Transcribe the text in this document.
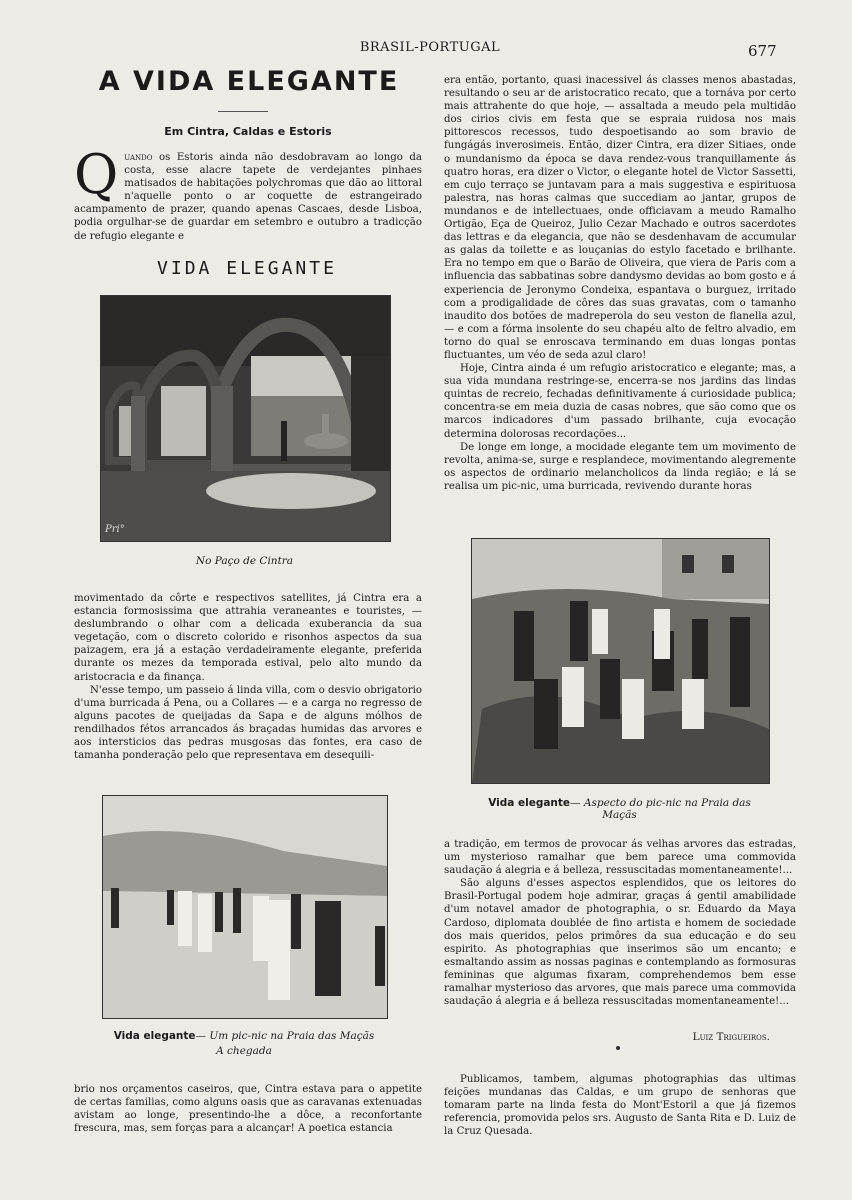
BRASIL-PORTUGAL	677
A VIDA ELEGANTE
Em Cintra, Caldas e Estoris
Q uando os Estoris ainda não desdobravam ao longo da costa, esse alacre tapete de verdejantes pinhaes matisados de habitações polychromas que dão ao littoral n'aquelle ponto o ar coquette de estrangeirado acampamento de prazer, quando apenas Cascaes, desde Lisboa, podia orgulhar-se de guardar em setembro e outubro a tradicção de refugio elegante e

VIDA ELEGANTE
Pri°
No Paço de Cintra

movimentado da côrte e respectivos satellites, já Cintra era a estancia formosissima que attrahia veraneantes e touristes, — deslumbrando o olhar com a delicada exuberancia da sua vegetação, com o discreto colorido e risonhos aspectos da sua paizagem, era já a estação verdadeiramente elegante, preferida durante os mezes da temporada estival, pelo alto mundo da aristocracia e da finança.

N'esse tempo, um passeio á linda villa, com o desvio obrigatorio d'uma burricada á Pena, ou a Collares — e a carga no regresso de alguns pacotes de queijadas da Sapa e de alguns mólhos de rendilhados fétos arrancados ás braçadas humidas das arvores e aos intersticios das pedras musgosas das fontes, era caso de tamanha ponderação pelo que representava em desequili-

Vida elegante— Um pic-nic na Praia das Maçãs
A chegada

brio nos orçamentos caseiros, que, Cintra estava para o appetite de certas familias, como alguns oasis que as caravanas extenuadas avistam ao longe, presentindo-lhe a dôce, a reconfortante frescura, mas, sem forças para a alcançar! A poetica estancia

era então, portanto, quasi inacessivel ás classes menos abastadas, resultando o seu ar de aristocratico recato, que a tornáva por certo mais attrahente do que hoje, — assaltada a meudo pela multidão dos cirios civis em festa que se espraia ruidosa nos mais pittorescos recessos, tudo despoetisando ao som bravio de fungágás inverosimeis. Então, dizer Cintra, era dizer Sitiaes, onde o mundanismo da época se dava rendez-vous tranquillamente ás quatro horas, era dizer o Victor, o elegante hotel de Victor Sassetti, em cujo terraço se juntavam para a mais suggestiva e espirituosa palestra, nas horas calmas que succediam ao jantar, grupos de mundanos e de intellectuaes, onde officiavam a meudo Ramalho Ortigão, Eça de Queiroz, Julio Cezar Machado e outros sacerdotes das lettras e da elegancia, que não se desdenhavam de accumular as galas da toilette e as louçanias do estylo facetado e brilhante. Era no tempo em que o Barão de Oliveira, que viera de Paris com a influencia das sabbatinas sobre dandysmo devidas ao bom gosto e á experiencia de Jeronymo Condeixa, espantava o burguez, irritado com a prodigalidade de côres das suas gravatas, com o tamanho inaudito dos botões de madreperola do seu veston de flanella azul, — e com a fórma insolente do seu chapéu alto de feltro alvadio, em torno do qual se enroscava terminando em duas longas pontas fluctuantes, um véo de seda azul claro!

Hoje, Cintra ainda é um refugio aristocratico e elegante; mas, a sua vida mundana restringe-se, encerra-se nos jardins das lindas quintas de recreio, fechadas definitivamente á curiosidade publica; concentra-se em meia duzia de casas nobres, que são como que os marcos indicadores d'um passado brilhante, cuja evocação determina dolorosas recordações...

De longe em longe, a mocidade elegante tem um movimento de revolta, anima-se, surge e resplandece, movimentando alegremente os aspectos de ordinario melancholicos da linda região; e lá se realisa um pic-nic, uma burricada, revivendo durante horas

Vida elegante— Aspecto do pic-nic na Praia das Maçãs

a tradição, em termos de provocar ás velhas arvores das estradas, um mysterioso ramalhar que bem parece uma commovida saudação á alegria e á belleza, ressuscitadas momentaneamente!...

São alguns d'esses aspectos esplendidos, que os leitores do Brasil-Portugal podem hoje admirar, graças á gentil amabilidade d'um notavel amador de photographia, o sr. Eduardo da Maya Cardoso, diplomata doublée de fino artista e homem de sociedade dos mais queridos, pelos primôres da sua educação e do seu espirito. As photographias que inserimos são um encanto; e esmaltando assim as nossas paginas e contemplando as formosuras femininas que algumas fixaram, comprehendemos bem esse ramalhar mysterioso das arvores, que mais parece uma commovida saudação á alegria e á belleza ressuscitadas momentaneamente!...

Luiz Trigueiros.

Publicamos, tambem, algumas photographias das ultimas feições mundanas das Caldas, e um grupo de senhoras que tomaram parte na linda festa do Mont'Estoril a que já fizemos referencia, promovida pelos srs. Augusto de Santa Rita e D. Luiz de la Cruz Quesada.
